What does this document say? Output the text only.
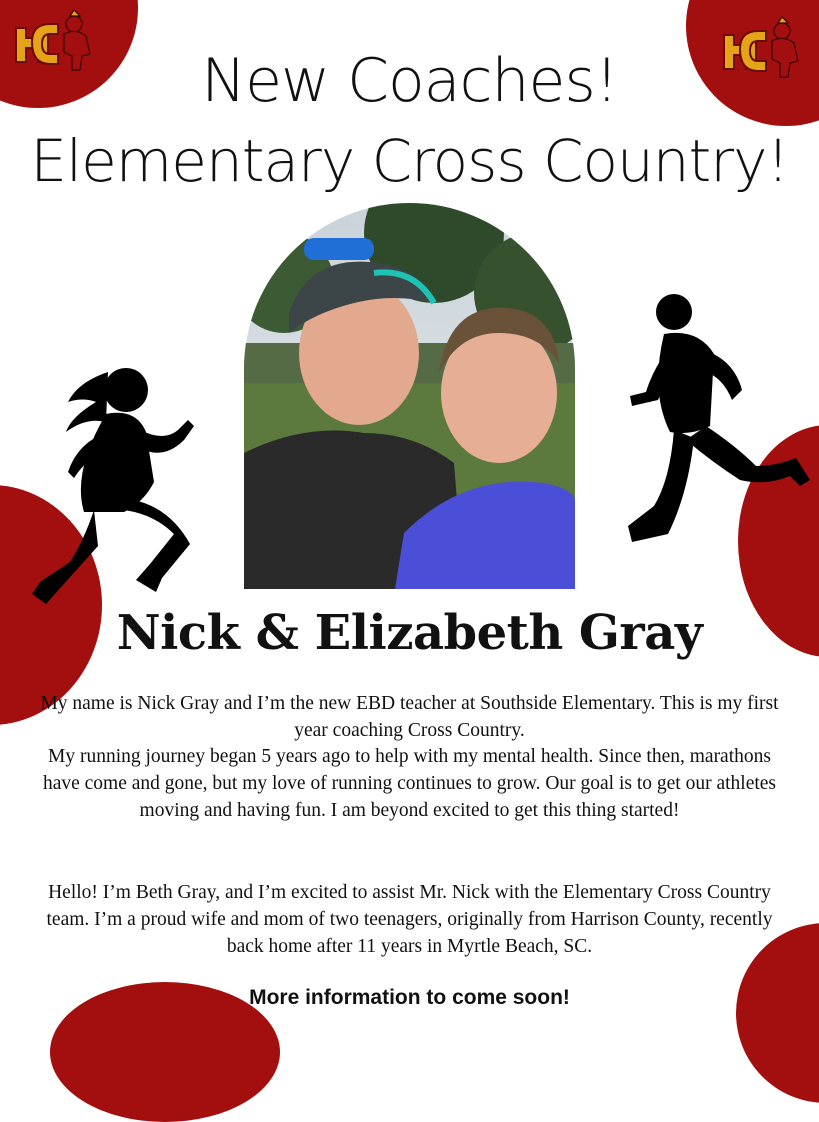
New Coaches!
Elementary Cross Country!
Nick & Elizabeth Gray

My name is Nick Gray and I’m the new EBD teacher at Southside Elementary. This is my first year coaching Cross Country.

My running journey began 5 years ago to help with my mental health. Since then, marathons have come and gone, but my love of running continues to grow. Our goal is to get our athletes moving and having fun. I am beyond excited to get this thing started!

Hello! I’m Beth Gray, and I’m excited to assist Mr. Nick with the Elementary Cross Country team. I’m a proud wife and mom of two teenagers, originally from Harrison County, recently back home after 11 years in Myrtle Beach, SC.

More information to come soon!
